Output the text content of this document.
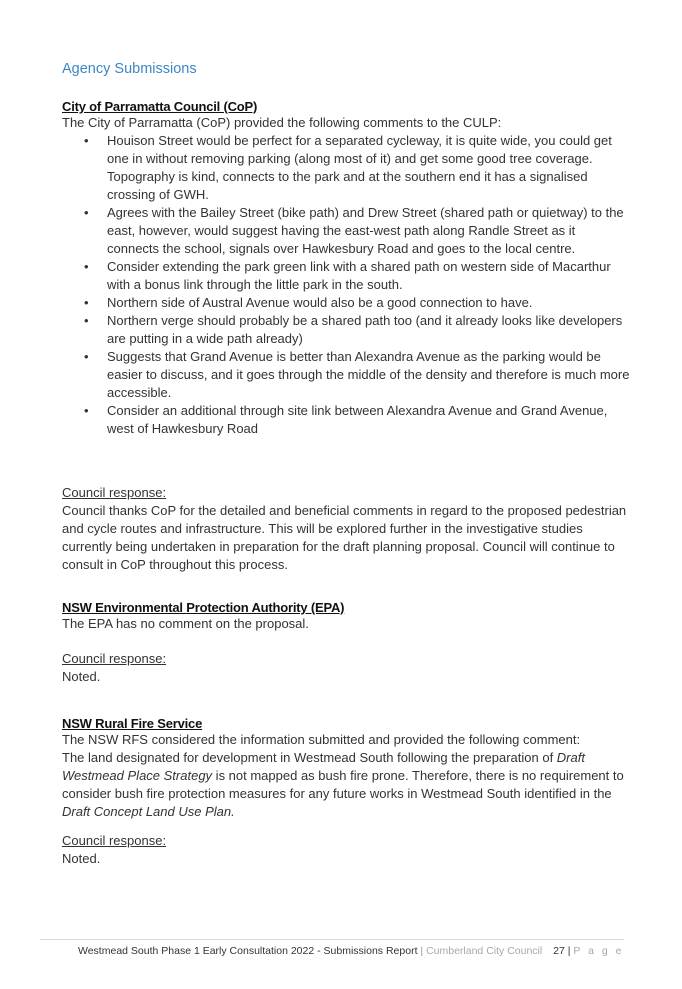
Agency Submissions

City of Parramatta Council (CoP)

The City of Parramatta (CoP) provided the following comments to the CULP:

• Houison Street would be perfect for a separated cycleway, it is quite wide, you could get one in without removing parking (along most of it) and get some good tree coverage. Topography is kind, connects to the park and at the southern end it has a signalised crossing of GWH.
• Agrees with the Bailey Street (bike path) and Drew Street (shared path or quietway) to the east, however, would suggest having the east-west path along Randle Street as it connects the school, signals over Hawkesbury Road and goes to the local centre.
• Consider extending the park green link with a shared path on western side of Macarthur with a bonus link through the little park in the south.
• Northern side of Austral Avenue would also be a good connection to have.
• Northern verge should probably be a shared path too (and it already looks like developers are putting in a wide path already)
• Suggests that Grand Avenue is better than Alexandra Avenue as the parking would be easier to discuss, and it goes through the middle of the density and therefore is much more accessible.
• Consider an additional through site link between Alexandra Avenue and Grand Avenue, west of Hawkesbury Road

Council response:

Council thanks CoP for the detailed and beneficial comments in regard to the proposed pedestrian and cycle routes and infrastructure. This will be explored further in the investigative studies currently being undertaken in preparation for the draft planning proposal. Council will continue to consult in CoP throughout this process.

NSW Environmental Protection Authority (EPA)

The EPA has no comment on the proposal.

Council response:

Noted.

NSW Rural Fire Service

The NSW RFS considered the information submitted and provided the following comment:

The land designated for development in Westmead South following the preparation of Draft Westmead Place Strategy is not mapped as bush fire prone. Therefore, there is no requirement to consider bush fire protection measures for any future works in Westmead South identified in the Draft Concept Land Use Plan.

Council response:

Noted.

Westmead South Phase 1 Early Consultation 2022 - Submissions Report | Cumberland City Council 27 | P a g e
